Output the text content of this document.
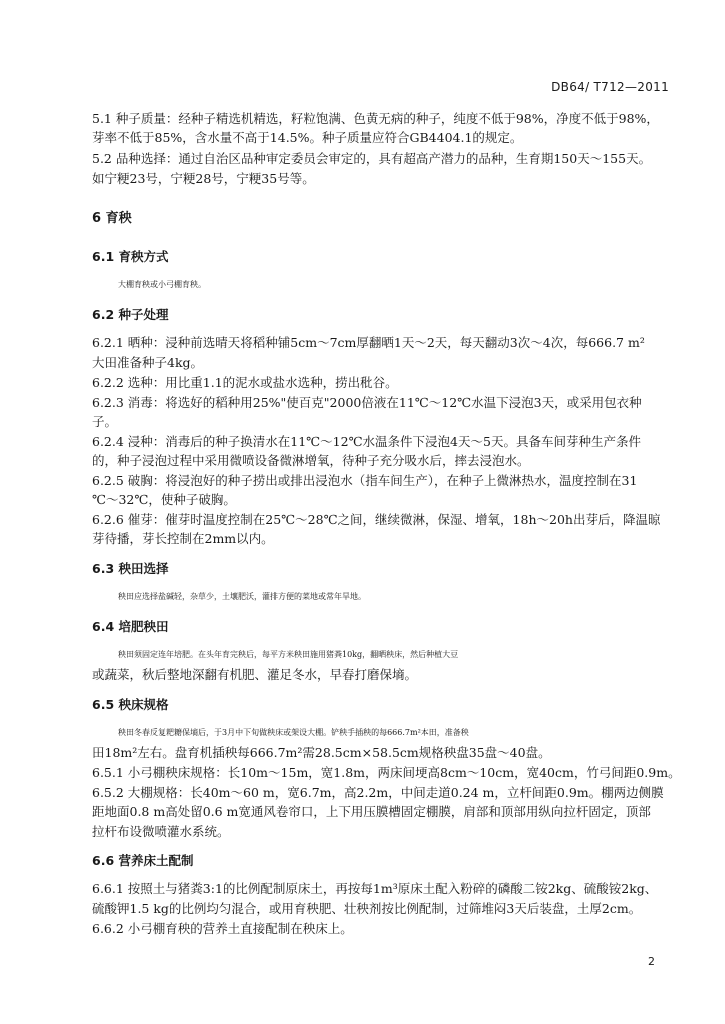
DB64/ T712—2011
5.1 种子质量：经种子精选机精选，籽粒饱满、色黄无病的种子，纯度不低于98%，净度不低于98%，
芽率不低于85%，含水量不高于14.5%。种子质量应符合GB4404.1的规定。
5.2 品种选择：通过自治区品种审定委员会审定的，具有超高产潜力的品种，生育期150天～155天。
如宁粳23号，宁粳28号，宁粳35号等。
6 育秧
6.1 育秧方式
大棚育秧或小弓棚育秧。
6.2 种子处理
6.2.1 晒种：浸种前选晴天将稻种铺5cm～7cm厚翻晒1天～2天，每天翻动3次～4次，每666.7 m²
大田准备种子4kg。
6.2.2 选种：用比重1.1的泥水或盐水选种，捞出秕谷。
6.2.3 消毒：将选好的稻种用25%"使百克"2000倍液在11℃～12℃水温下浸泡3天，或采用包衣种
子。
6.2.4 浸种：消毒后的种子换清水在11℃～12℃水温条件下浸泡4天～5天。具备车间芽种生产条件
的，种子浸泡过程中采用微喷设备微淋增氧，待种子充分吸水后，摔去浸泡水。
6.2.5 破胸：将浸泡好的种子捞出或排出浸泡水（指车间生产），在种子上微淋热水，温度控制在31
℃～32℃，使种子破胸。
6.2.6 催芽：催芽时温度控制在25℃～28℃之间，继续微淋，保湿、增氧，18h～20h出芽后，降温晾
芽待播，芽长控制在2mm以内。
6.3 秧田选择
秧田应选择盐碱轻，杂草少，土壤肥沃，灌排方便的菜地或常年旱地。
6.4 培肥秧田
秧田须固定连年培肥。在头年育完秧后，每平方米秧田施用猪粪10kg，翻晒秧床，然后种植大豆
或蔬菜，秋后整地深翻有机肥、灌足冬水，早春打磨保墒。
6.5 秧床规格
秧田冬春反复耙耱保墒后，于3月中下旬做秧床或架设大棚。铲秧手插秧的每666.7m²本田，准备秧
田18m²左右。盘育机插秧每666.7m²需28.5cm×58.5cm规格秧盘35盘～40盘。
6.5.1 小弓棚秧床规格：长10m～15m，宽1.8m，两床间埂高8cm～10cm，宽40cm，竹弓间距0.9m。
6.5.2 大棚规格：长40m～60 m，宽6.7m，高2.2m，中间走道0.24 m，立杆间距0.9m。棚两边侧膜
距地面0.8 m高处留0.6 m宽通风卷帘口，上下用压膜槽固定棚膜，肩部和顶部用纵向拉杆固定，顶部
拉杆布设微喷灌水系统。
6.6 营养床土配制
6.6.1 按照土与猪粪3:1的比例配制原床土，再按每1m³原床土配入粉碎的磷酸二铵2kg、硫酸铵2kg、
硫酸钾1.5 kg的比例均匀混合，或用育秧肥、壮秧剂按比例配制，过筛堆闷3天后装盘，土厚2cm。
6.6.2 小弓棚育秧的营养土直接配制在秧床上。
2
